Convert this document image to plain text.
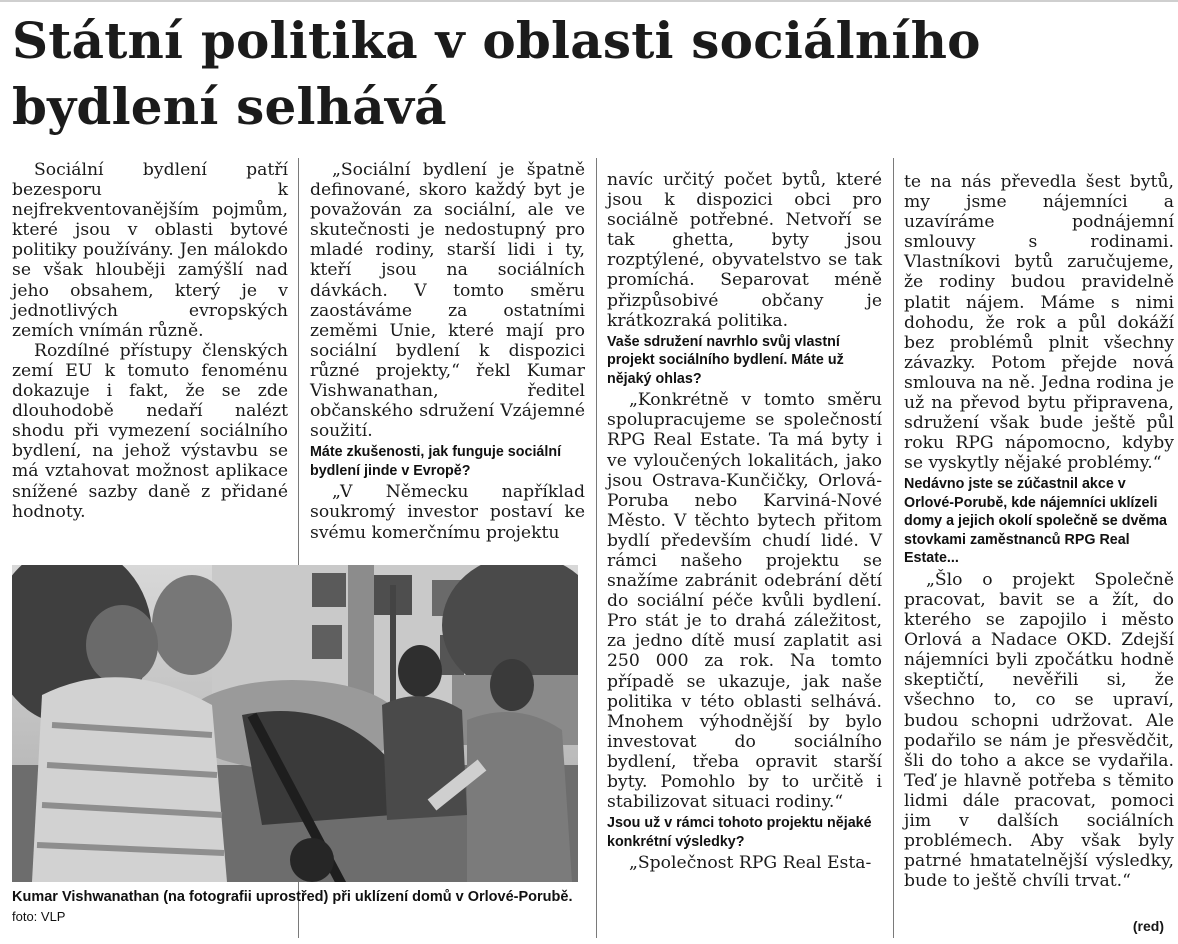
Státní politika v oblasti sociálního
bydlení selhává

Sociální bydlení patří bezesporu k nejfrekventovanějším pojmům, které jsou v oblasti bytové politiky používány. Jen málokdo se však hlouběji zamýšlí nad jeho obsahem, který je v jednotlivých evropských zemích vnímán různě.

Rozdílné přístupy členských zemí EU k tomuto fenoménu dokazuje i fakt, že se zde dlouhodobě nedaří nalézt shodu při vymezení sociálního bydlení, na jehož výstavbu se má vztahovat možnost aplikace snížené sazby daně z přidané hodnoty.

„Sociální bydlení je špatně definované, skoro každý byt je považován za sociální, ale ve skutečnosti je nedostupný pro mladé rodiny, starší lidi i ty, kteří jsou na sociálních dávkách. V tomto směru zaostáváme za ostatními zeměmi Unie, které mají pro sociální bydlení k dispozici různé projekty,“ řekl Kumar Vishwanathan, ředitel občanského sdružení Vzájemné soužití.

Máte zkušenosti, jak funguje sociální bydlení jinde v Evropě?

„V Německu například soukromý investor postaví ke svému komerčnímu projektu

navíc určitý počet bytů, které jsou k dispozici obci pro sociálně potřebné. Netvoří se tak ghetta, byty jsou rozptýlené, obyvatelstvo se tak promíchá. Separovat méně přizpůsobivé občany je krátkozraká politika.

Vaše sdružení navrhlo svůj vlastní projekt sociálního bydlení. Máte už nějaký ohlas?

„Konkrétně v tomto směru spolupracujeme se společností RPG Real Estate. Ta má byty i ve vyloučených lokalitách, jako jsou Ostrava-Kunčičky, Orlová-Poruba nebo Karviná-Nové Město. V těchto bytech přitom bydlí především chudí lidé. V rámci našeho projektu se snažíme zabránit odebrání dětí do sociální péče kvůli bydlení. Pro stát je to drahá záležitost, za jedno dítě musí zaplatit asi 250 000 za rok. Na tomto případě se ukazuje, jak naše politika v této oblasti selhává. Mnohem výhodnější by bylo investovat do sociálního bydlení, třeba opravit starší byty. Pomohlo by to určitě i stabilizovat situaci rodiny.“

Jsou už v rámci tohoto projektu nějaké konkrétní výsledky?

„Společnost RPG Real Esta-

te na nás převedla šest bytů, my jsme nájemníci a uzavíráme podnájemní smlouvy s rodinami. Vlastníkovi bytů zaručujeme, že rodiny budou pravidelně platit nájem. Máme s nimi dohodu, že rok a půl dokáží bez problémů plnit všechny závazky. Potom přejde nová smlouva na ně. Jedna rodina je už na převod bytu připravena, sdružení však bude ještě půl roku RPG nápomocno, kdyby se vyskytly nějaké problémy.“

Nedávno jste se zúčastnil akce v Orlové-Porubě, kde nájemníci uklízeli domy a jejich okolí společně se dvěma stovkami zaměstnanců RPG Real Estate...

„Šlo o projekt Společně pracovat, bavit se a žít, do kterého se zapojilo i město Orlová a Nadace OKD. Zdejší nájemníci byli zpočátku hodně skeptičtí, nevěřili si, že všechno to, co se upraví, budou schopni udržovat. Ale podařilo se nám je přesvědčit, šli do toho a akce se vydařila. Teď je hlavně potřeba s těmito lidmi dále pracovat, pomoci jim v dalších sociálních problémech. Aby však byly patrné hmatatelnější výsledky, bude to ještě chvíli trvat.“

Kumar Vishwanathan (na fotografii uprostřed) při uklízení domů v Orlové-Porubě. foto: VLP
(red)
